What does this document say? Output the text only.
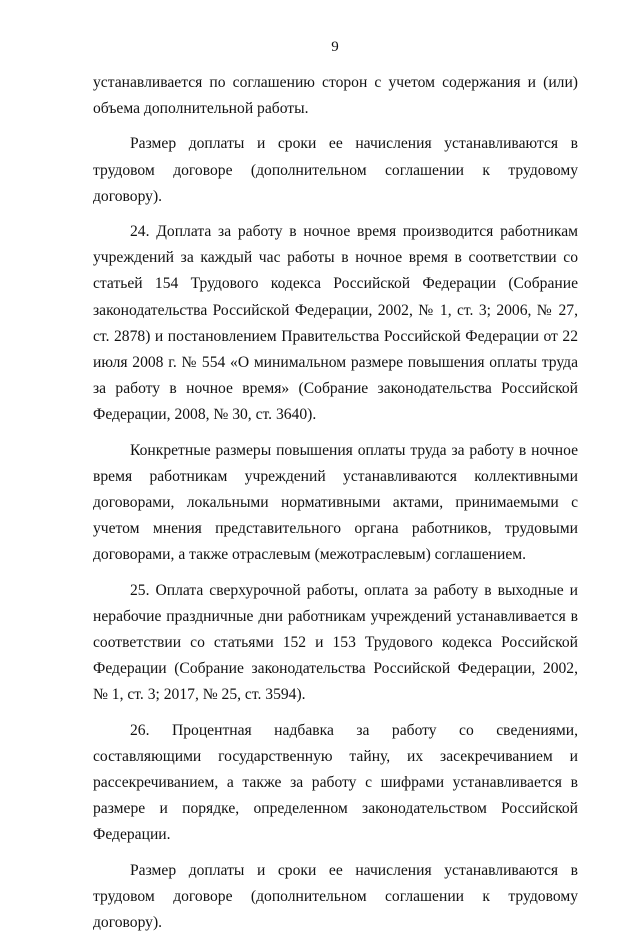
9

устанавливается по соглашению сторон с учетом содержания и (или) объема дополнительной работы.

Размер доплаты и сроки ее начисления устанавливаются в трудовом договоре (дополнительном соглашении к трудовому договору).

24. Доплата за работу в ночное время производится работникам учреждений за каждый час работы в ночное время в соответствии со статьей 154 Трудового кодекса Российской Федерации (Собрание законодательства Российской Федерации, 2002, № 1, ст. 3; 2006, № 27, ст. 2878) и постановлением Правительства Российской Федерации от 22 июля 2008 г. № 554 «О минимальном размере повышения оплаты труда за работу в ночное время» (Собрание законодательства Российской Федерации, 2008, № 30, ст. 3640).

Конкретные размеры повышения оплаты труда за работу в ночное время работникам учреждений устанавливаются коллективными договорами, локальными нормативными актами, принимаемыми с учетом мнения представительного органа работников, трудовыми договорами, а также отраслевым (межотраслевым) соглашением.

25. Оплата сверхурочной работы, оплата за работу в выходные и нерабочие праздничные дни работникам учреждений устанавливается в соответствии со статьями 152 и 153 Трудового кодекса Российской Федерации (Собрание законодательства Российской Федерации, 2002, № 1, ст. 3; 2017, № 25, ст. 3594).

26. Процентная надбавка за работу со сведениями, составляющими государственную тайну, их засекречиванием и рассекречиванием, а также за работу с шифрами устанавливается в размере и порядке, определенном законодательством Российской Федерации.

Размер доплаты и сроки ее начисления устанавливаются в трудовом договоре (дополнительном соглашении к трудовому договору).
